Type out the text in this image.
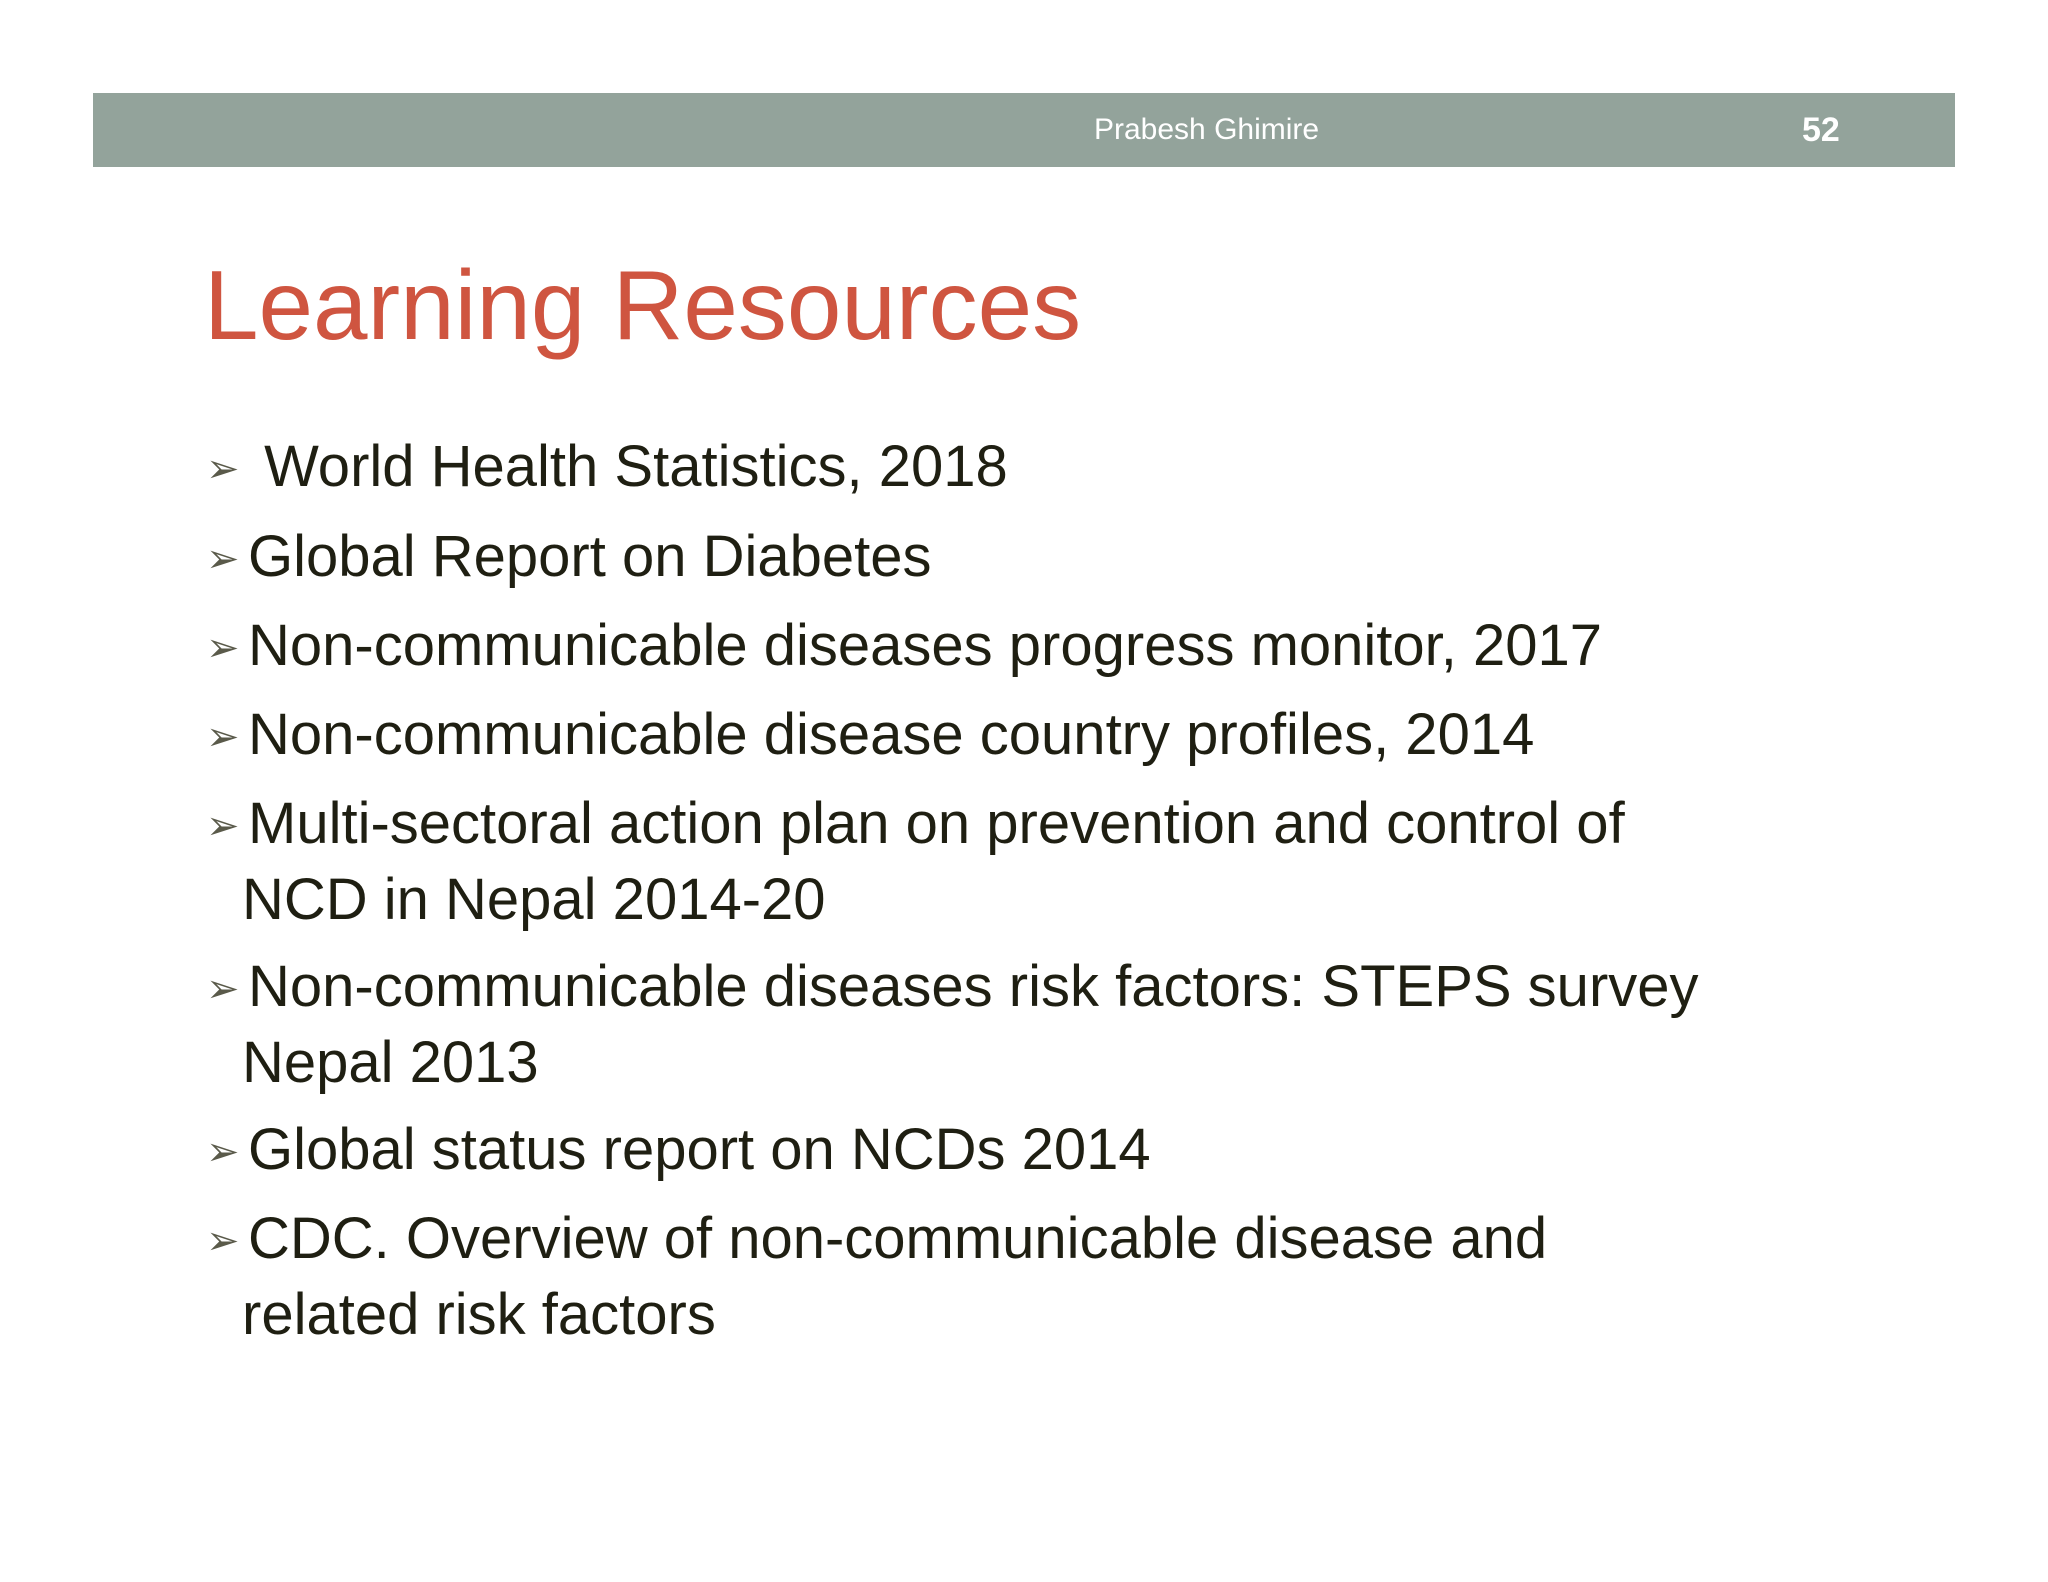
Prabesh Ghimire	52
Learning Resources
➢ World Health Statistics, 2018
➢ Global Report on Diabetes
➢ Non-communicable diseases progress monitor, 2017
➢ Non-communicable disease country profiles, 2014
➢ Multi-sectoral action plan on prevention and control of
NCD in Nepal 2014-20
➢ Non-communicable diseases risk factors: STEPS survey
Nepal 2013
➢ Global status report on NCDs 2014
➢ CDC. Overview of non-communicable disease and
related risk factors
